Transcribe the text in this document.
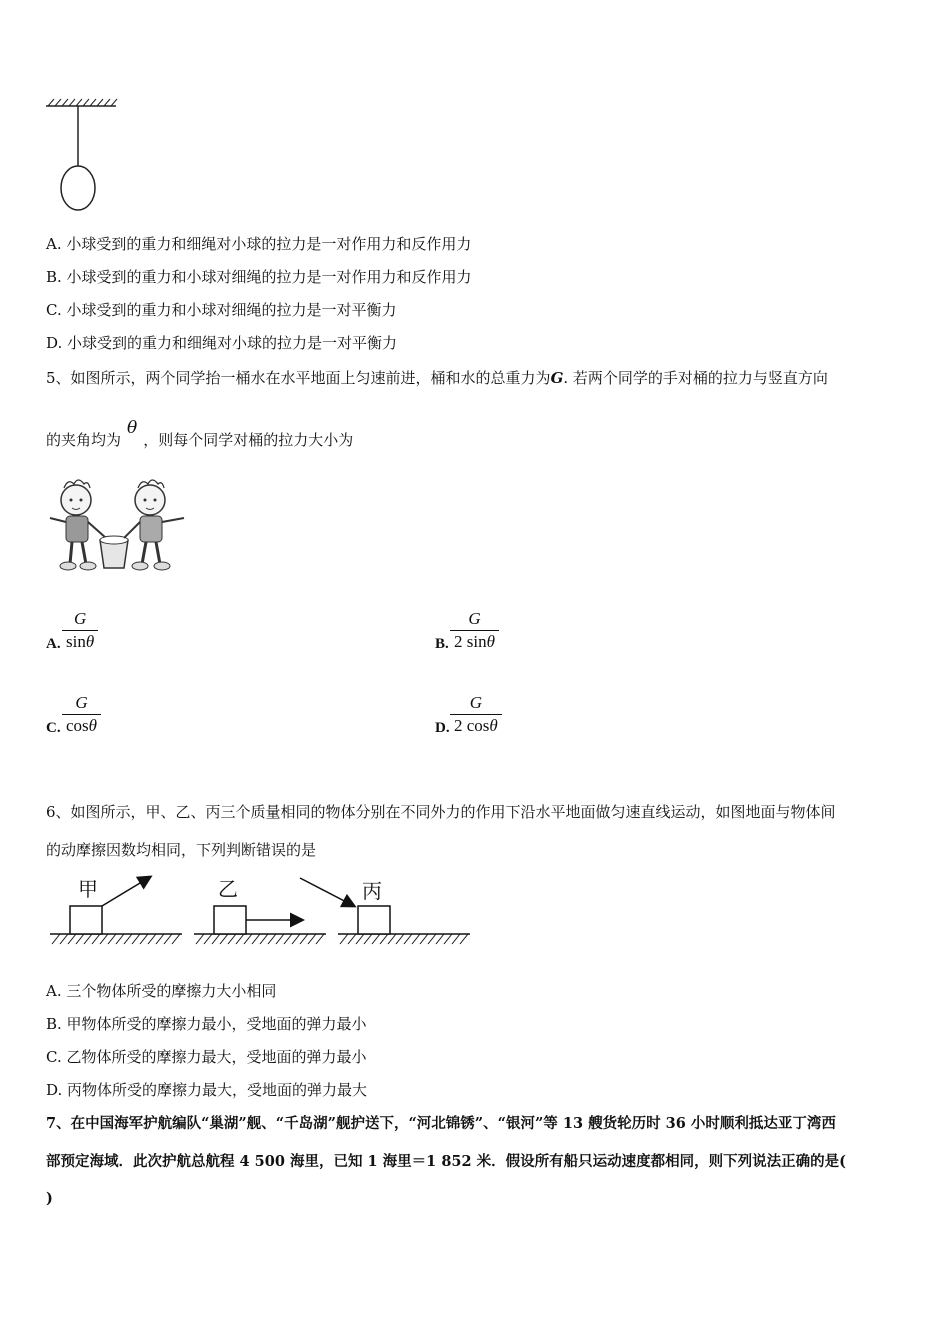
A. 小球受到的重力和细绳对小球的拉力是一对作用力和反作用力
B. 小球受到的重力和小球对细绳的拉力是一对作用力和反作用力
C. 小球受到的重力和小球对细绳的拉力是一对平衡力
D. 小球受到的重力和细绳对小球的拉力是一对平衡力
5、如图所示，两个同学抬一桶水在水平地面上匀速前进，桶和水的总重力为G. 若两个同学的手对桶的拉力与竖直方向
的夹角均为θ，则每个同学对桶的拉力大小为
A. $\frac{G}{\sin\theta}$	B. $\frac{G}{2 \sin\theta}$
C. $\frac{G}{\cos\theta}$	D. $\frac{G}{2 \cos\theta}$
6、如图所示，甲、乙、丙三个质量相同的物体分别在不同外力的作用下沿水平地面做匀速直线运动，如图地面与物体间
的动摩擦因数均相同，下列判断错误的是
甲	乙	丙
A. 三个物体所受的摩擦力大小相同
B. 甲物体所受的摩擦力最小，受地面的弹力最小
C. 乙物体所受的摩擦力最大，受地面的弹力最小
D. 丙物体所受的摩擦力最大，受地面的弹力最大
7、在中国海军护航编队“巢湖”舰、“千岛湖”舰护送下，“河北锦锈”、“银河”等 13 艘货轮历时 36 小时顺利抵达亚丁湾西
部预定海域．此次护航总航程 4 500 海里，已知 1 海里＝1 852 米．假设所有船只运动速度都相同，则下列说法正确的是(
)
